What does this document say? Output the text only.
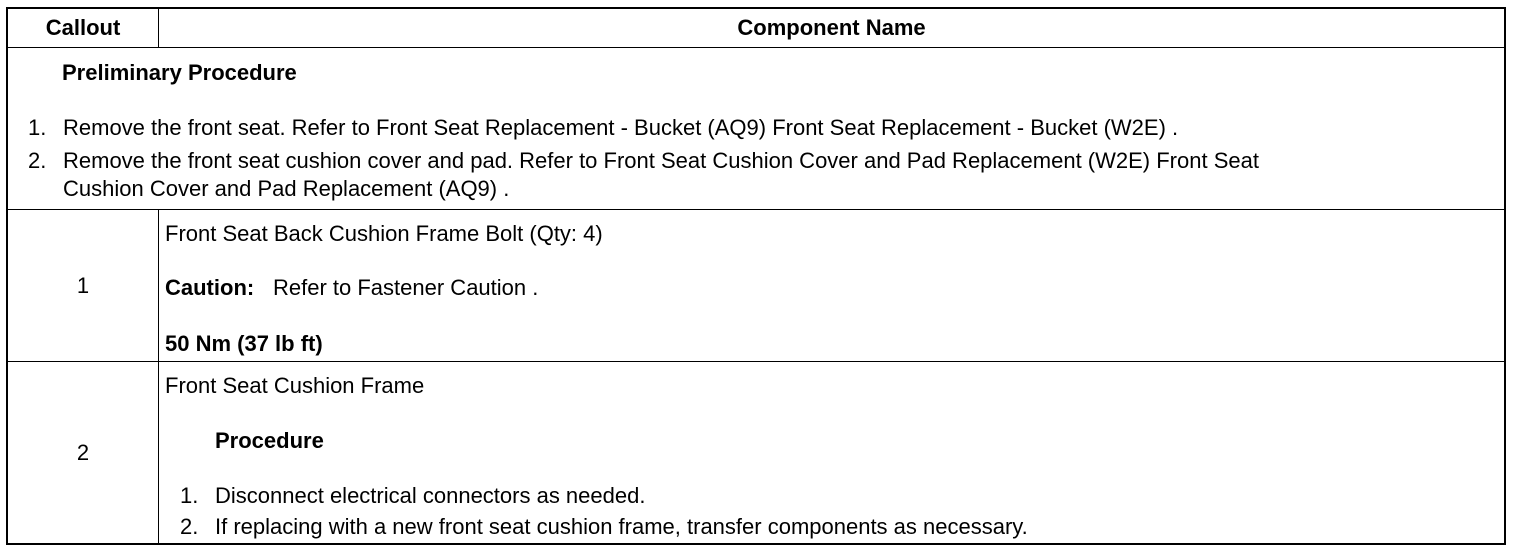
Callout	Component Name
Preliminary Procedure
1. Remove the front seat. Refer to Front Seat Replacement - Bucket (AQ9) Front Seat Replacement - Bucket (W2E) .
2. Remove the front seat cushion cover and pad. Refer to Front Seat Cushion Cover and Pad Replacement (W2E) Front Seat
Cushion Cover and Pad Replacement (AQ9) .
1
Front Seat Back Cushion Frame Bolt (Qty: 4)
Caution: Refer to Fastener Caution .
50 Nm (37 lb ft)
2
Front Seat Cushion Frame
Procedure
1. Disconnect electrical connectors as needed.
2. If replacing with a new front seat cushion frame, transfer components as necessary.
